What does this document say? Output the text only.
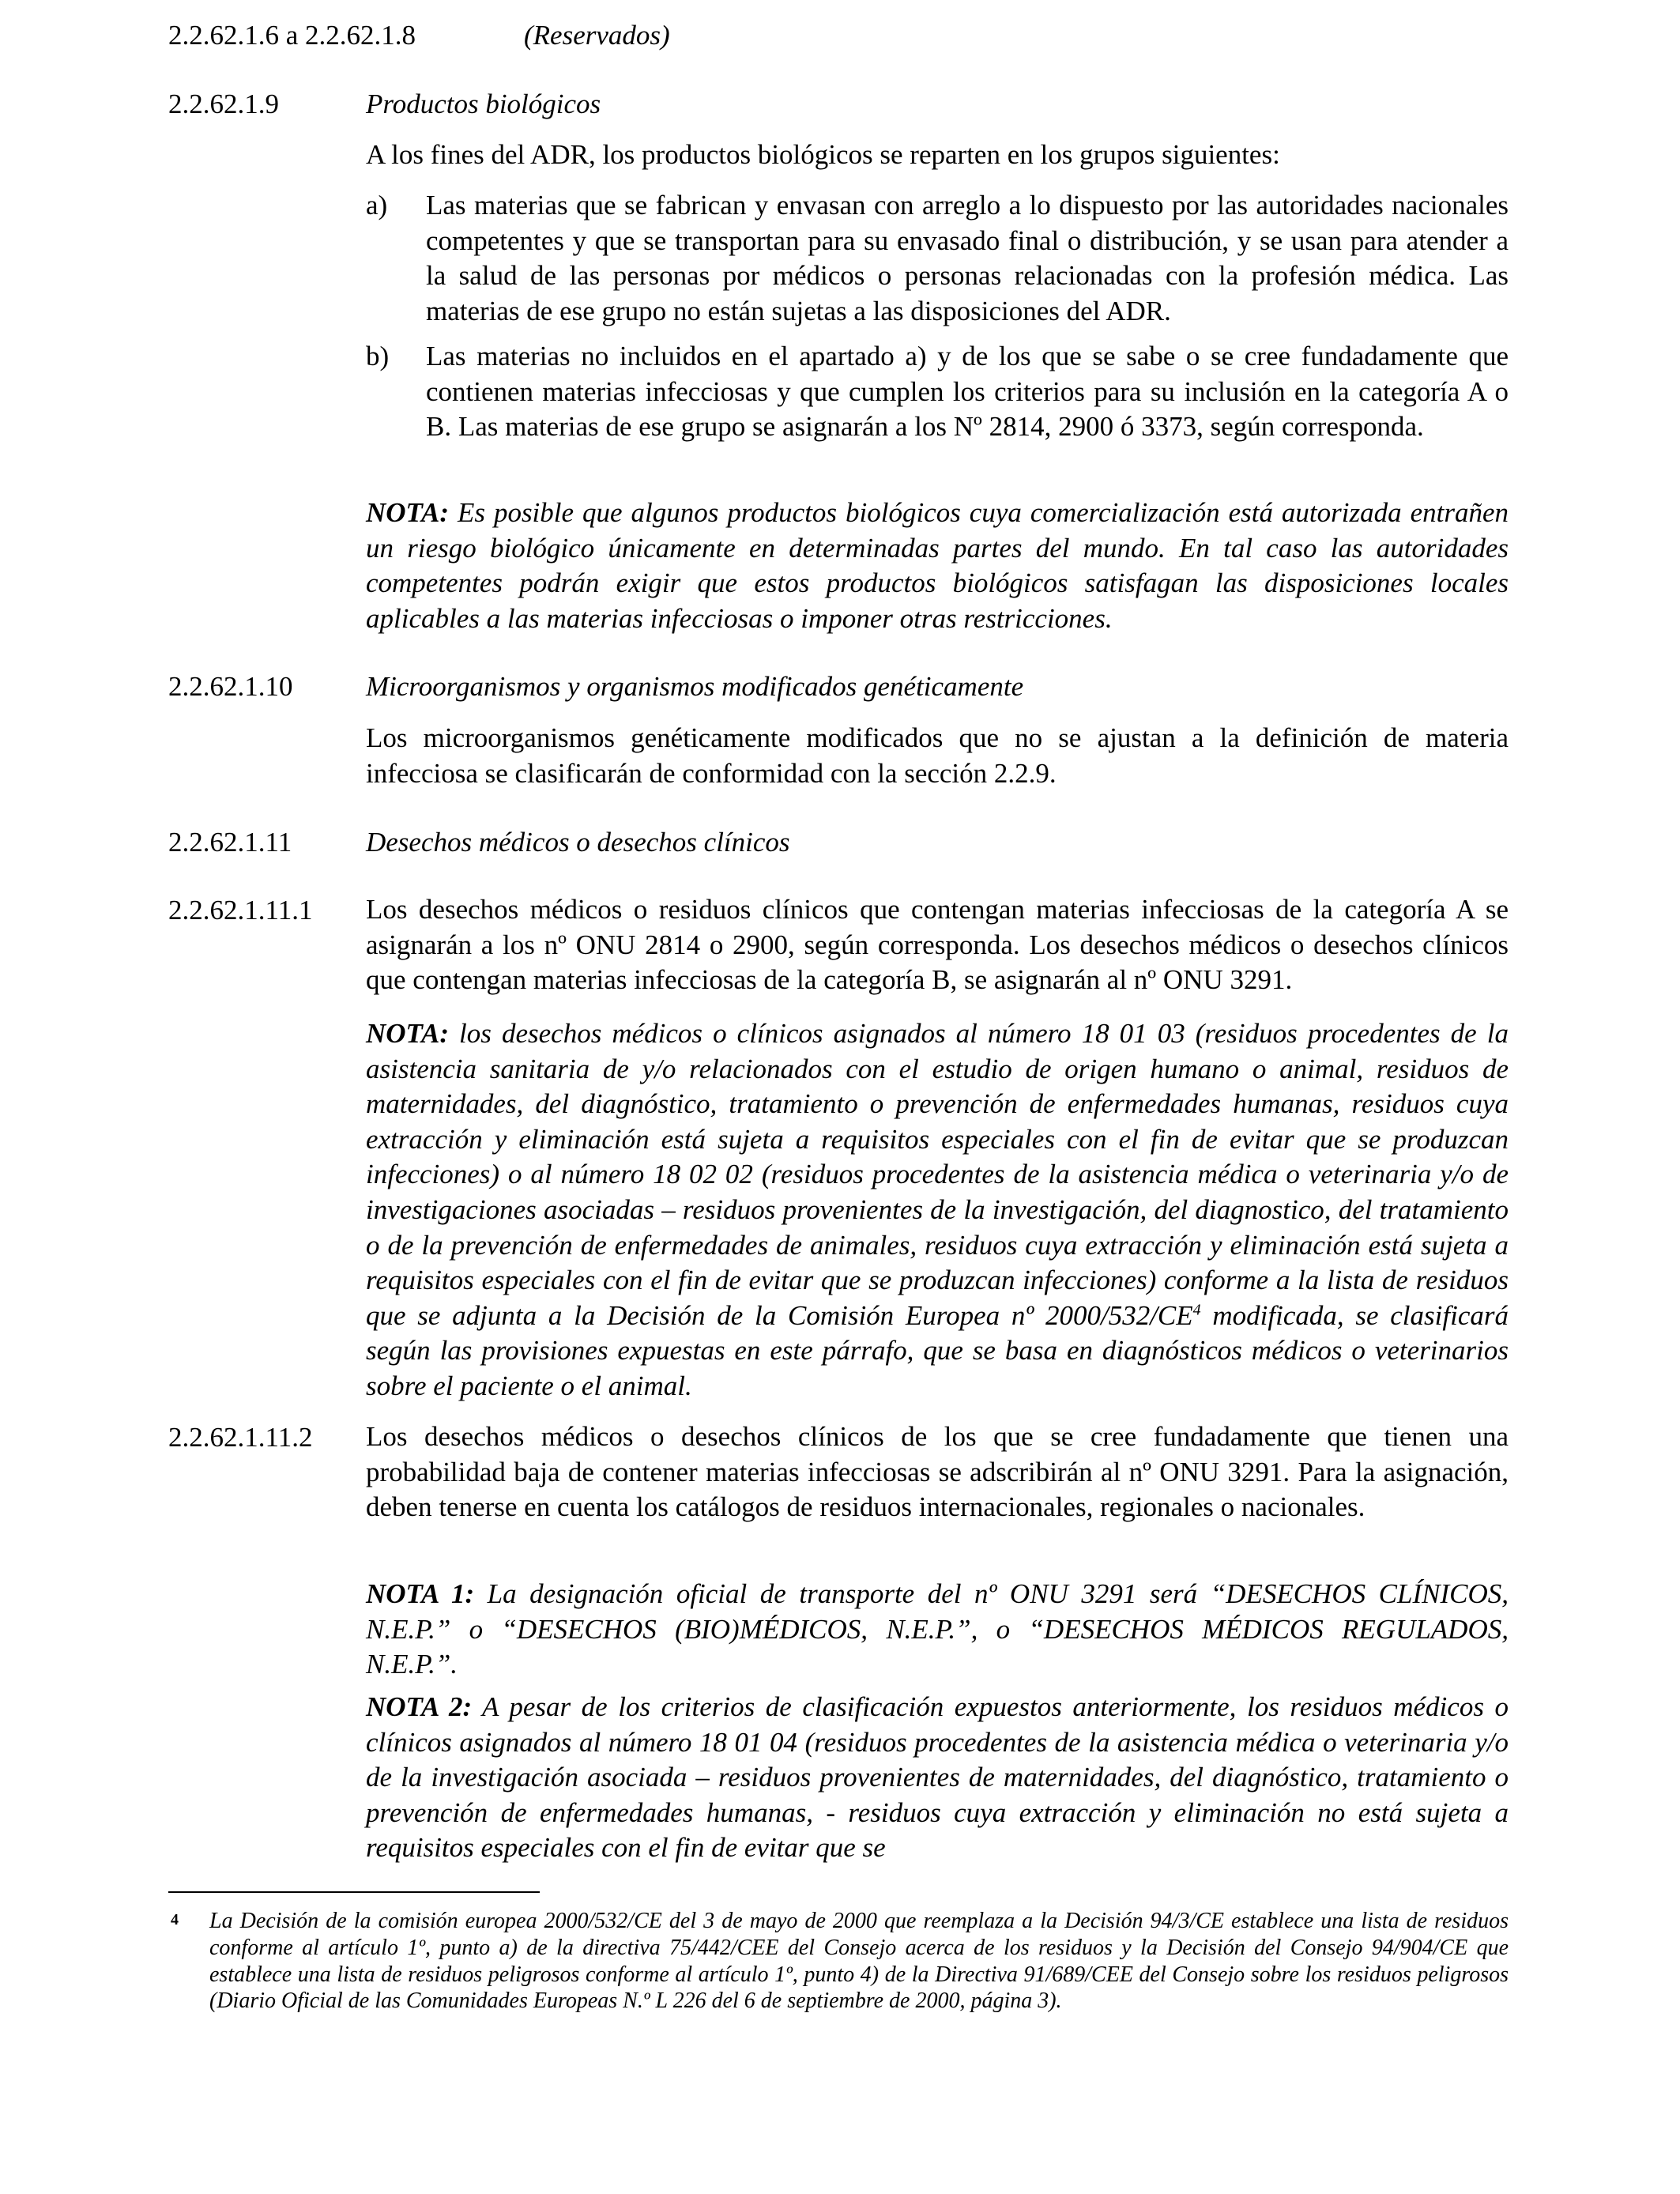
2.2.62.1.6 a 2.2.62.1.8	(Reservados)
2.2.62.1.9	Productos biológicos
A los fines del ADR, los productos biológicos se reparten en los grupos siguientes:
a) Las materias que se fabrican y envasan con arreglo a lo dispuesto por las autoridades nacionales competentes y que se transportan para su envasado final o distribución, y se usan para atender a la salud de las personas por médicos o personas relacionadas con la profesión médica. Las materias de ese grupo no están sujetas a las disposiciones del ADR.
b) Las materias no incluidos en el apartado a) y de los que se sabe o se cree fundadamente que contienen materias infecciosas y que cumplen los criterios para su inclusión en la categoría A o B. Las materias de ese grupo se asignarán a los Nº 2814, 2900 ó 3373, según corresponda.
NOTA: Es posible que algunos productos biológicos cuya comercialización está autorizada entrañen un riesgo biológico únicamente en determinadas partes del mundo. En tal caso las autoridades competentes podrán exigir que estos productos biológicos satisfagan las disposiciones locales aplicables a las materias infecciosas o imponer otras restricciones.
2.2.62.1.10	Microorganismos y organismos modificados genéticamente
Los microorganismos genéticamente modificados que no se ajustan a la definición de materia infecciosa se clasificarán de conformidad con la sección 2.2.9.
2.2.62.1.11	Desechos médicos o desechos clínicos
2.2.62.1.11.1 Los desechos médicos o residuos clínicos que contengan materias infecciosas de la categoría A se asignarán a los nº ONU 2814 o 2900, según corresponda. Los desechos médicos o desechos clínicos que contengan materias infecciosas de la categoría B, se asignarán al nº ONU 3291.
NOTA: los desechos médicos o clínicos asignados al número 18 01 03 (residuos procedentes de la asistencia sanitaria de y/o relacionados con el estudio de origen humano o animal, residuos de maternidades, del diagnóstico, tratamiento o prevención de enfermedades humanas, residuos cuya extracción y eliminación está sujeta a requisitos especiales con el fin de evitar que se produzcan infecciones) o al número 18 02 02 (residuos procedentes de la asistencia médica o veterinaria y/o de investigaciones asociadas – residuos provenientes de la investigación, del diagnostico, del tratamiento o de la prevención de enfermedades de animales, residuos cuya extracción y eliminación está sujeta a requisitos especiales con el fin de evitar que se produzcan infecciones) conforme a la lista de residuos que se adjunta a la Decisión de la Comisión Europea nº 2000/532/CE$^4$ modificada, se clasificará según las provisiones expuestas en este párrafo, que se basa en diagnósticos médicos o veterinarios sobre el paciente o el animal.
2.2.62.1.11.2 Los desechos médicos o desechos clínicos de los que se cree fundadamente que tienen una probabilidad baja de contener materias infecciosas se adscribirán al nº ONU 3291. Para la asignación, deben tenerse en cuenta los catálogos de residuos internacionales, regionales o nacionales.
NOTA 1: La designación oficial de transporte del nº ONU 3291 será “DESECHOS CLÍNICOS, N.E.P.” o “DESECHOS (BIO)MÉDICOS, N.E.P.”, o “DESECHOS MÉDICOS REGULADOS, N.E.P.”.
NOTA 2: A pesar de los criterios de clasificación expuestos anteriormente, los residuos médicos o clínicos asignados al número 18 01 04 (residuos procedentes de la asistencia médica o veterinaria y/o de la investigación asociada – residuos provenientes de maternidades, del diagnóstico, tratamiento o prevención de enfermedades humanas, - residuos cuya extracción y eliminación no está sujeta a requisitos especiales con el fin de evitar que se
4 La Decisión de la comisión europea 2000/532/CE del 3 de mayo de 2000 que reemplaza a la Decisión 94/3/CE establece una lista de residuos conforme al artículo 1º, punto a) de la directiva 75/442/CEE del Consejo acerca de los residuos y la Decisión del Consejo 94/904/CE que establece una lista de residuos peligrosos conforme al artículo 1º, punto 4) de la Directiva 91/689/CEE del Consejo sobre los residuos peligrosos (Diario Oficial de las Comunidades Europeas N.º L 226 del 6 de septiembre de 2000, página 3).
